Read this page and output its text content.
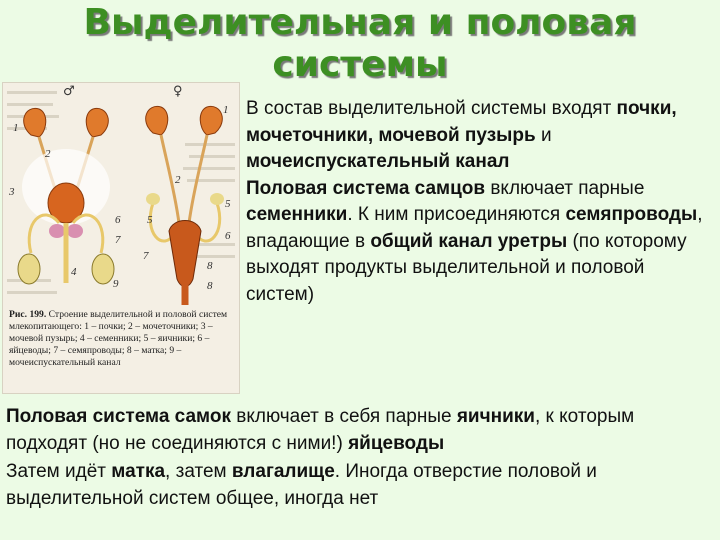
Выделительная и половая
системы
♂
1
2
3
4
9
7
♀
1
2
5
6
7
8
5
6
8
Рис. 199. Строение выделительной и половой систем млекопитающего: 1 – почки; 2 – мочеточники; 3 – мочевой пузырь; 4 – семенники; 5 – яичники; 6 – яйцеводы; 7 – семяпроводы; 8 – матка; 9 – мочеиспускательный канал

В состав выделительной системы входят почки, мочеточники, мочевой пузырь и мочеиспускательный канал

Половая система самцов включает парные семенники. К ним присоединяются семяпроводы, впадающие в общий канал уретры (по которому выходят продукты выделительной и половой систем)

Половая система самок включает в себя парные яичники, к которым подходят (но не соединяются с ними!) яйцеводы

Затем идёт матка, затем влагалище. Иногда отверстие половой и выделительной систем общее, иногда нет
